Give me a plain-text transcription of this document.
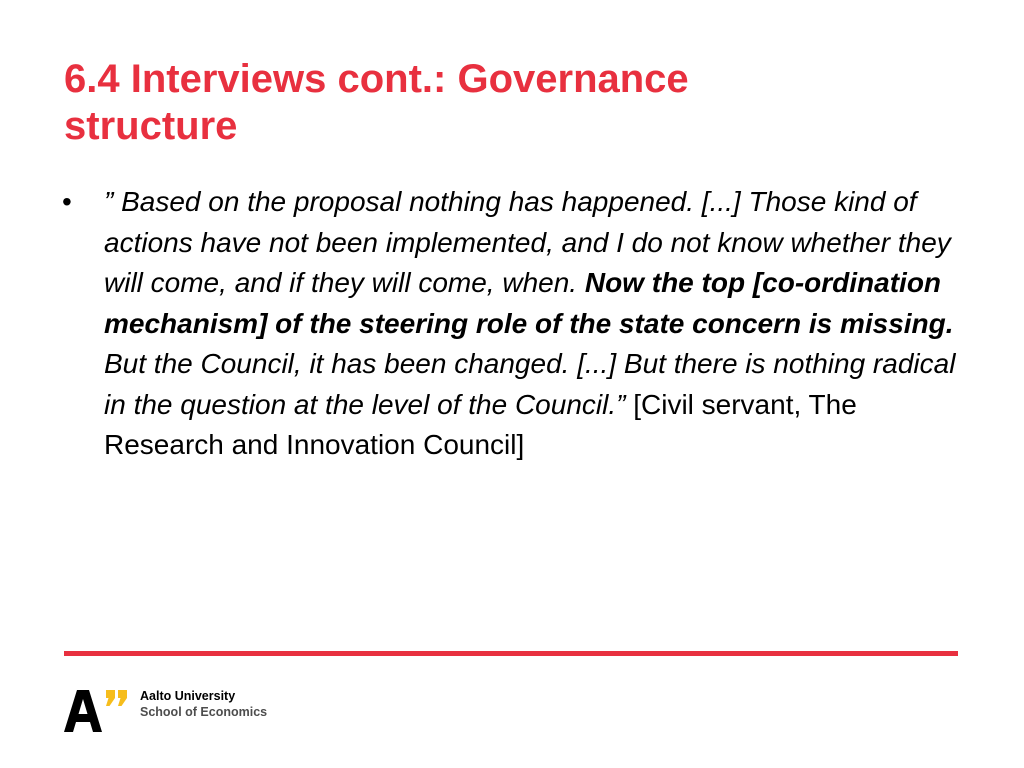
6.4 Interviews cont.: Governance
structure
• ” Based on the proposal nothing has happened. [...] Those kind of actions have not been implemented, and I do not know whether they will come, and if they will come, when. Now the top [co-ordination mechanism] of the steering role of the state concern is missing. But the Council, it has been changed. [...] But there is nothing radical in the question at the level of the Council.” [Civil servant, The Research and Innovation Council]
Aalto University
School of Economics
